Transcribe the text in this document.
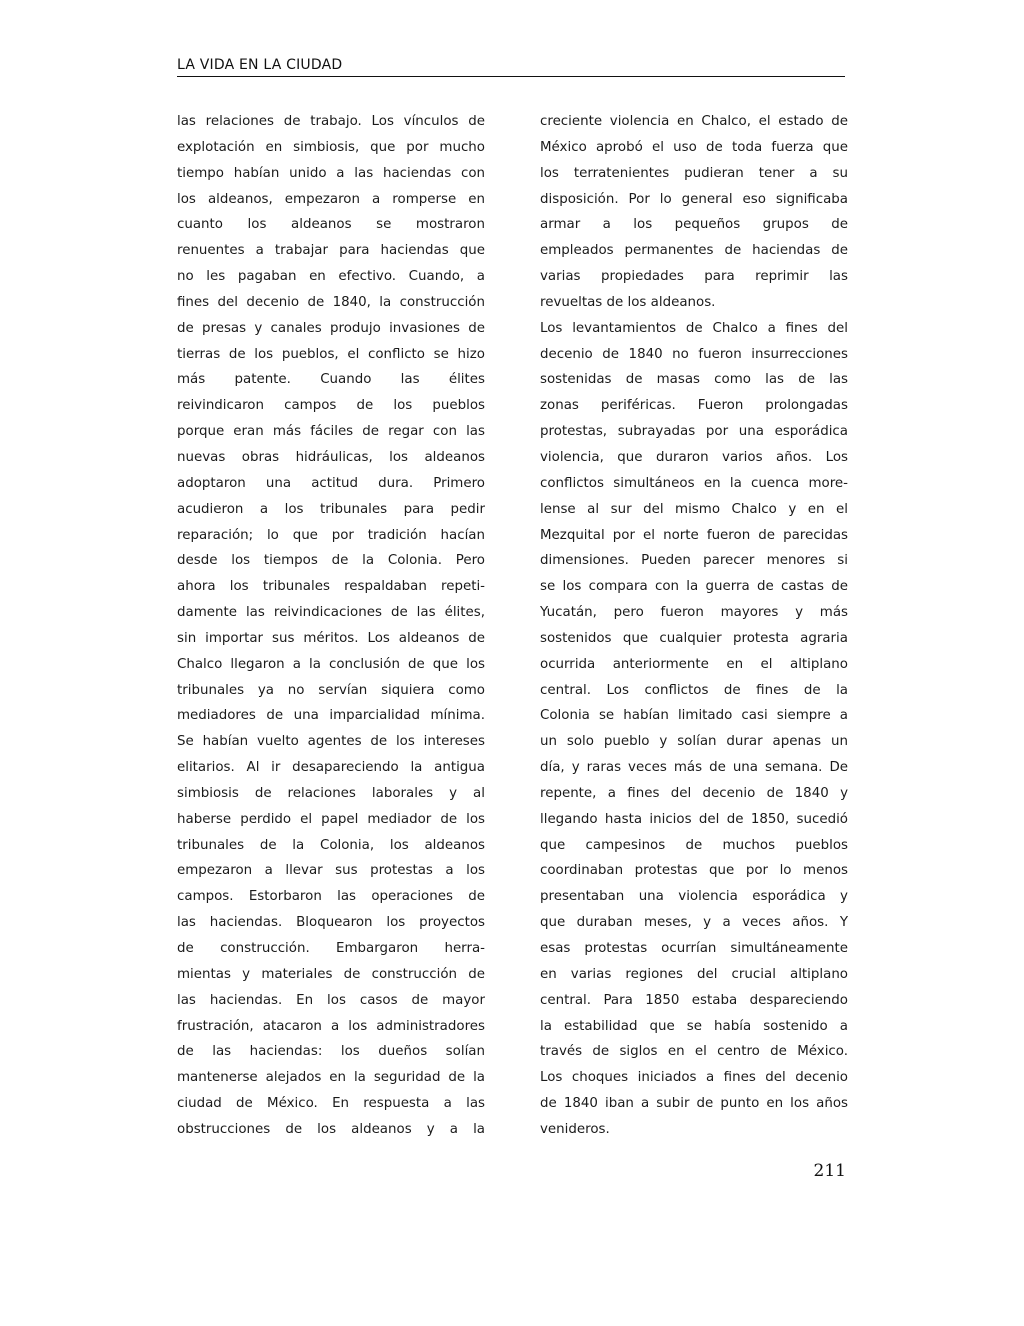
LA VIDA EN LA CIUDAD
las relaciones de trabajo. Los vínculos de
explotación en simbiosis, que por mucho
tiempo habían unido a las haciendas con
los aldeanos, empezaron a romperse en
cuanto los aldeanos se mostraron
renuentes a trabajar para haciendas que
no les pagaban en efectivo. Cuando, a
fines del decenio de 1840, la construcción
de presas y canales produjo invasiones de
tierras de los pueblos, el conflicto se hizo
más patente. Cuando las élites
reivindicaron campos de los pueblos
porque eran más fáciles de regar con las
nuevas obras hidráulicas, los aldeanos
adoptaron una actitud dura. Primero
acudieron a los tribunales para pedir
reparación; lo que por tradición hacían
desde los tiempos de la Colonia. Pero
ahora los tribunales respaldaban repeti-
damente las reivindicaciones de las élites,
sin importar sus méritos. Los aldeanos de
Chalco llegaron a la conclusión de que los
tribunales ya no servían siquiera como
mediadores de una imparcialidad mínima.
Se habían vuelto agentes de los intereses
elitarios. Al ir desapareciendo la antigua
simbiosis de relaciones laborales y al
haberse perdido el papel mediador de los
tribunales de la Colonia, los aldeanos
empezaron a llevar sus protestas a los
campos. Estorbaron las operaciones de
las haciendas. Bloquearon los proyectos
de construcción. Embargaron herra-
mientas y materiales de construcción de
las haciendas. En los casos de mayor
frustración, atacaron a los administradores
de las haciendas: los dueños solían
mantenerse alejados en la seguridad de la
ciudad de México. En respuesta a las
obstrucciones de los aldeanos y a la
creciente violencia en Chalco, el estado de
México aprobó el uso de toda fuerza que
los terratenientes pudieran tener a su
disposición. Por lo general eso significaba
armar a los pequeños grupos de
empleados permanentes de haciendas de
varias propiedades para reprimir las
revueltas de los aldeanos.
Los levantamientos de Chalco a fines del
decenio de 1840 no fueron insurrecciones
sostenidas de masas como las de las
zonas periféricas. Fueron prolongadas
protestas, subrayadas por una esporádica
violencia, que duraron varios años. Los
conflictos simultáneos en la cuenca more-
lense al sur del mismo Chalco y en el
Mezquital por el norte fueron de parecidas
dimensiones. Pueden parecer menores si
se los compara con la guerra de castas de
Yucatán, pero fueron mayores y más
sostenidos que cualquier protesta agraria
ocurrida anteriormente en el altiplano
central. Los conflictos de fines de la
Colonia se habían limitado casi siempre a
un solo pueblo y solían durar apenas un
día, y raras veces más de una semana. De
repente, a fines del decenio de 1840 y
llegando hasta inicios del de 1850, sucedió
que campesinos de muchos pueblos
coordinaban protestas que por lo menos
presentaban una violencia esporádica y
que duraban meses, y a veces años. Y
esas protestas ocurrían simultáneamente
en varias regiones del crucial altiplano
central. Para 1850 estaba despareciendo
la estabilidad que se había sostenido a
través de siglos en el centro de México.
Los choques iniciados a fines del decenio
de 1840 iban a subir de punto en los años
venideros.
211
